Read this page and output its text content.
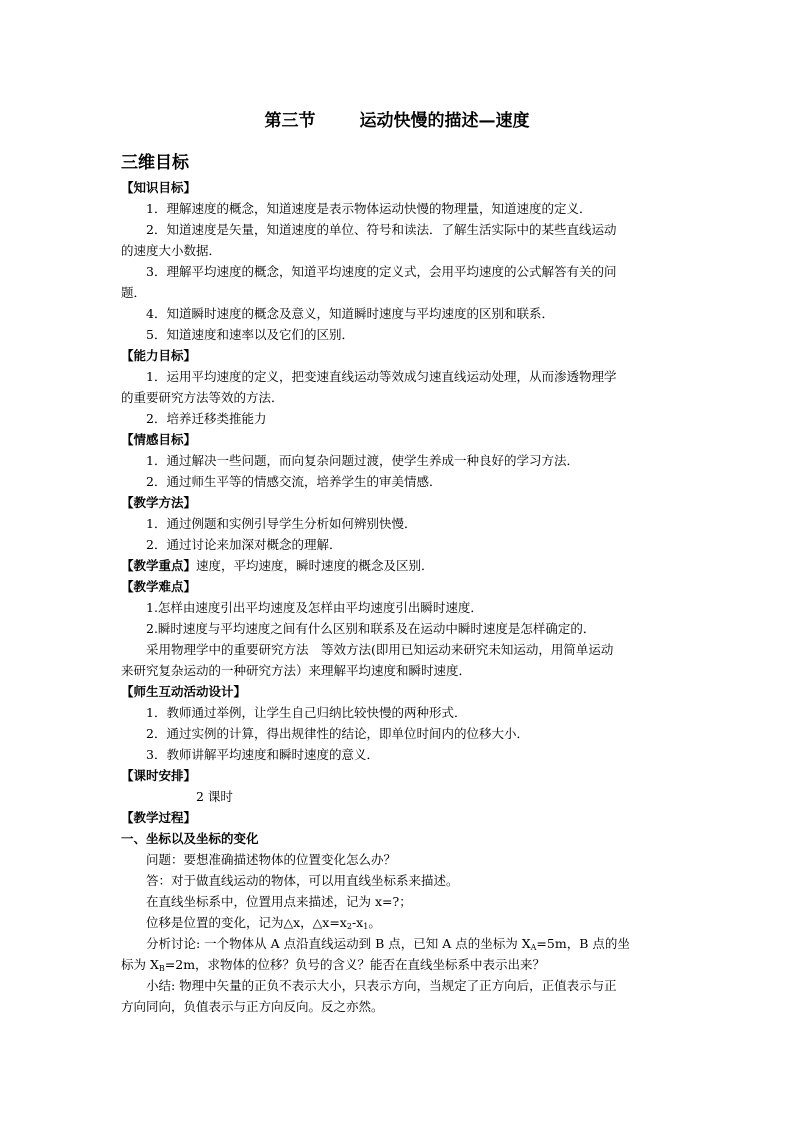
第三节	运动快慢的描述—速度
三维目标
【知识目标】
1．理解速度的概念，知道速度是表示物体运动快慢的物理量，知道速度的定义．
2．知道速度是矢量，知道速度的单位、符号和读法．了解生活实际中的某些直线运动
的速度大小数据．
3．理解平均速度的概念，知道平均速度的定义式，会用平均速度的公式解答有关的问
题．
4．知道瞬时速度的概念及意义，知道瞬时速度与平均速度的区别和联系．
5．知道速度和速率以及它们的区别．
【能力目标】
1．运用平均速度的定义，把变速直线运动等效成匀速直线运动处理，从而渗透物理学
的重要研究方法等效的方法．
2．培养迁移类推能力
【情感目标】
1．通过解决一些问题，而向复杂问题过渡，使学生养成一种良好的学习方法．
2．通过师生平等的情感交流，培养学生的审美情感．
【教学方法】
1．通过例题和实例引导学生分析如何辨别快慢．
2．通过讨论来加深对概念的理解．
【教学重点】速度，平均速度，瞬时速度的概念及区别．
【教学难点】
1.怎样由速度引出平均速度及怎样由平均速度引出瞬时速度．
2.瞬时速度与平均速度之间有什么区别和联系及在运动中瞬时速度是怎样确定的．
采用物理学中的重要研究方法　等效方法(即用已知运动来研究未知运动，用简单运动
来研究复杂运动的一种研究方法）来理解平均速度和瞬时速度．
【师生互动活动设计】
1．教师通过举例，让学生自己归纳比较快慢的两种形式．
2．通过实例的计算，得出规律性的结论，即单位时间内的位移大小．
3．教师讲解平均速度和瞬时速度的意义．
【课时安排】
2 课时
【教学过程】
一、坐标以及坐标的变化
问题：要想准确描述物体的位置变化怎么办？
答：对于做直线运动的物体，可以用直线坐标系来描述。
在直线坐标系中，位置用点来描述，记为 x=?；
位移是位置的变化，记为△x，$\triangle x=x_2-x_1$。
分析讨论: 一个物体从 A 点沿直线运动到 B 点，已知 A 点的坐标为 $X_A=5m$，B 点的坐
标为 $X_B=2m$，求物体的位移？负号的含义？能否在直线坐标系中表示出来？
小结: 物理中矢量的正负不表示大小，只表示方向，当规定了正方向后，正值表示与正
方向同向，负值表示与正方向反向。反之亦然。
